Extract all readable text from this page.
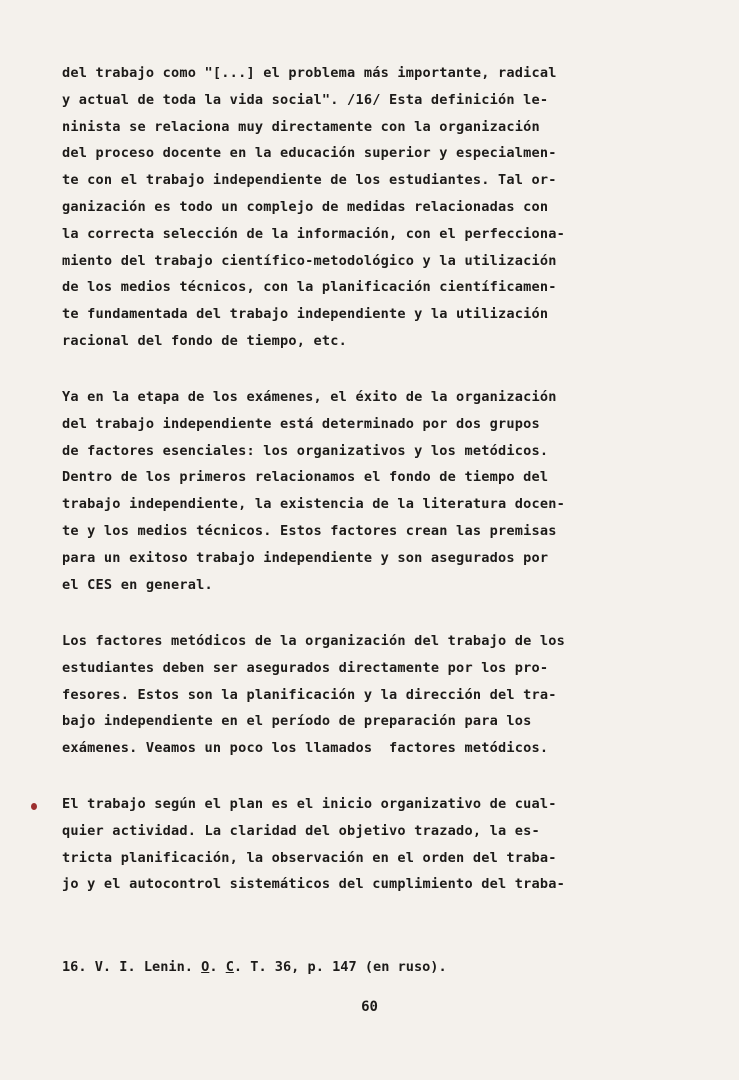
del trabajo como "[...] el problema más importante, radical
y actual de toda la vida social". /16/ Esta definición le-
ninista se relaciona muy directamente con la organización
del proceso docente en la educación superior y especialmen-
te con el trabajo independiente de los estudiantes. Tal or-
ganización es todo un complejo de medidas relacionadas con
la correcta selección de la información, con el perfecciona-
miento del trabajo científico-metodológico y la utilización
de los medios técnicos, con la planificación científicamen-
te fundamentada del trabajo independiente y la utilización
racional del fondo de tiempo, etc.
Ya en la etapa de los exámenes, el éxito de la organización
del trabajo independiente está determinado por dos grupos
de factores esenciales: los organizativos y los metódicos.
Dentro de los primeros relacionamos el fondo de tiempo del
trabajo independiente, la existencia de la literatura docen-
te y los medios técnicos. Estos factores crean las premisas
para un exitoso trabajo independiente y son asegurados por
el CES en general.
Los factores metódicos de la organización del trabajo de los
estudiantes deben ser asegurados directamente por los pro-
fesores. Estos son la planificación y la dirección del tra-
bajo independiente en el período de preparación para los
exámenes. Veamos un poco los llamados  factores metódicos.
El trabajo según el plan es el inicio organizativo de cual-
quier actividad. La claridad del objetivo trazado, la es-
tricta planificación, la observación en el orden del traba-
jo y el autocontrol sistemáticos del cumplimiento del traba-
16. V. I. Lenin. O. C. T. 36, p. 147 (en ruso).
60
